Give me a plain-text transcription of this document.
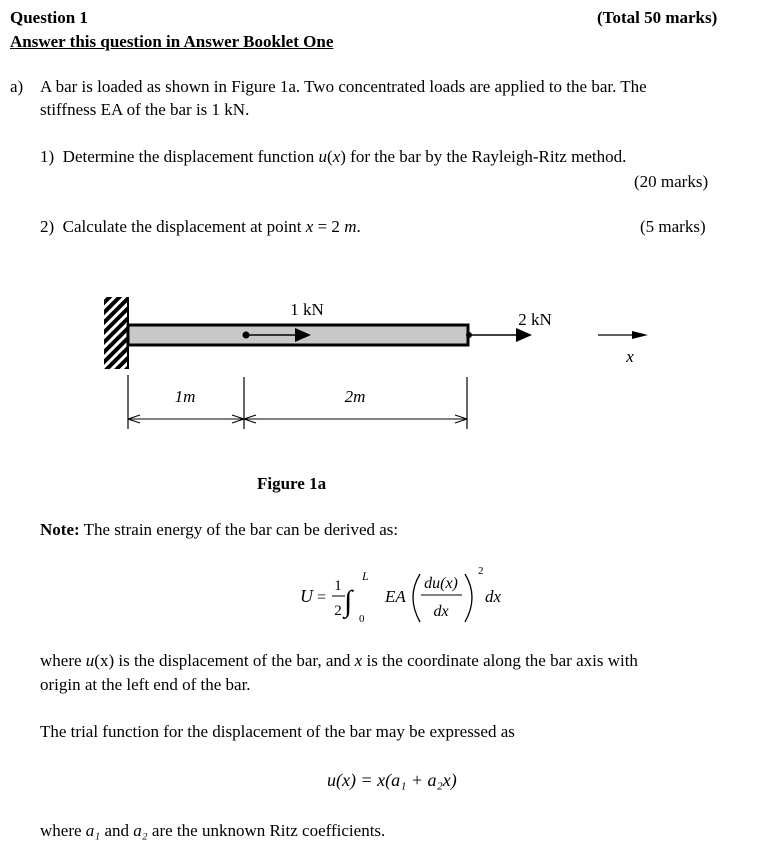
Question 1	(Total 50 marks)
Answer this question in Answer Booklet One
a) A bar is loaded as shown in Figure 1a. Two concentrated loads are applied to the bar. The
stiffness EA of the bar is 1 kN.
1) Determine the displacement function u(x) for the bar by the Rayleigh-Ritz method.
(20 marks)
2) Calculate the displacement at point x = 2 m.	(5 marks)
1 kN
2 kN
x
1m	2m
Figure 1a
Note: The strain energy of the bar can be derived as:
U =
1
2 ∫
L
0
EA
du(x)
dx
2
dx
where u(x) is the displacement of the bar, and x is the coordinate along the bar axis with
origin at the left end of the bar.
The trial function for the displacement of the bar may be expressed as
u(x) = x(a₁ + a₂x)
where a₁ and a₂ are the unknown Ritz coefficients.
